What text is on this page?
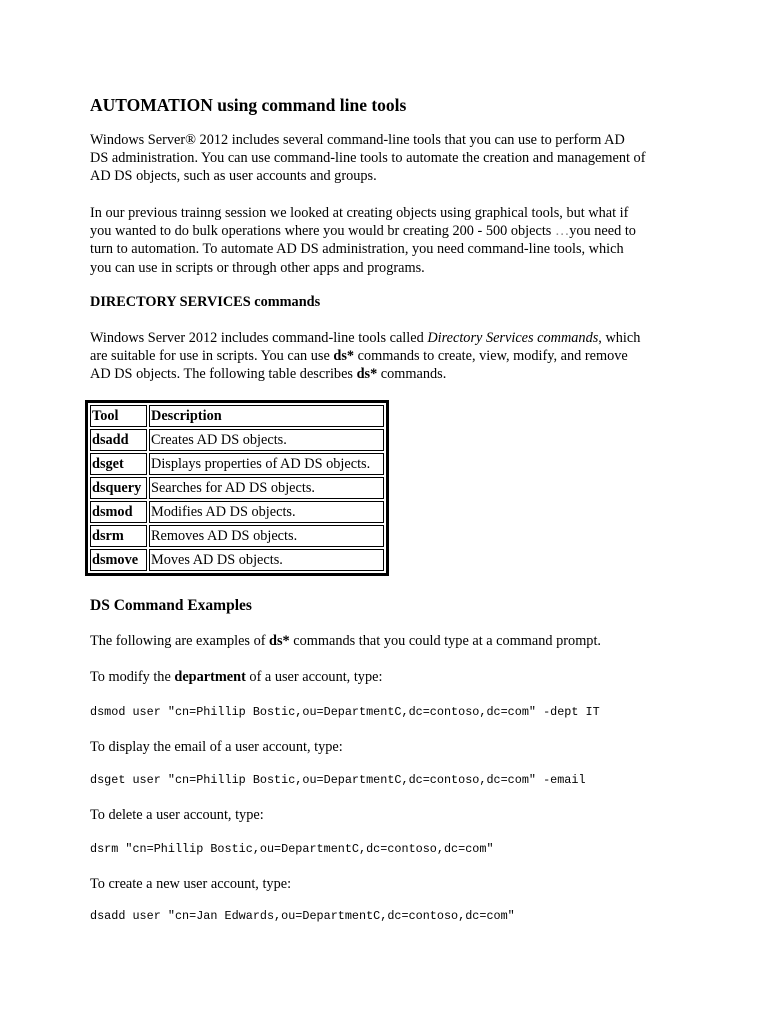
AUTOMATION using command line tools
Windows Server® 2012 includes several command-line tools that you can use to perform AD
DS administration. You can use command-line tools to automate the creation and management of
AD DS objects, such as user accounts and groups.
In our previous trainng session we looked at creating objects using graphical tools, but what if
you wanted to do bulk operations where you would br creating 200 - 500 objects …you need to
turn to automation. To automate AD DS administration, you need command-line tools, which
you can use in scripts or through other apps and programs.
DIRECTORY SERVICES commands
Windows Server 2012 includes command-line tools called Directory Services commands, which
are suitable for use in scripts. You can use ds* commands to create, view, modify, and remove
AD DS objects. The following table describes ds* commands.
Tool	Description
dsadd	Creates AD DS objects.
dsget	Displays properties of AD DS objects.
dsquery	Searches for AD DS objects.
dsmod	Modifies AD DS objects.
dsrm	Removes AD DS objects.
dsmove	Moves AD DS objects.
DS Command Examples
The following are examples of ds* commands that you could type at a command prompt.
To modify the department of a user account, type:
dsmod user "cn=Phillip Bostic,ou=DepartmentC,dc=contoso,dc=com" -dept IT
To display the email of a user account, type:
dsget user "cn=Phillip Bostic,ou=DepartmentC,dc=contoso,dc=com" -email
To delete a user account, type:
dsrm "cn=Phillip Bostic,ou=DepartmentC,dc=contoso,dc=com"
To create a new user account, type:
dsadd user "cn=Jan Edwards,ou=DepartmentC,dc=contoso,dc=com"
